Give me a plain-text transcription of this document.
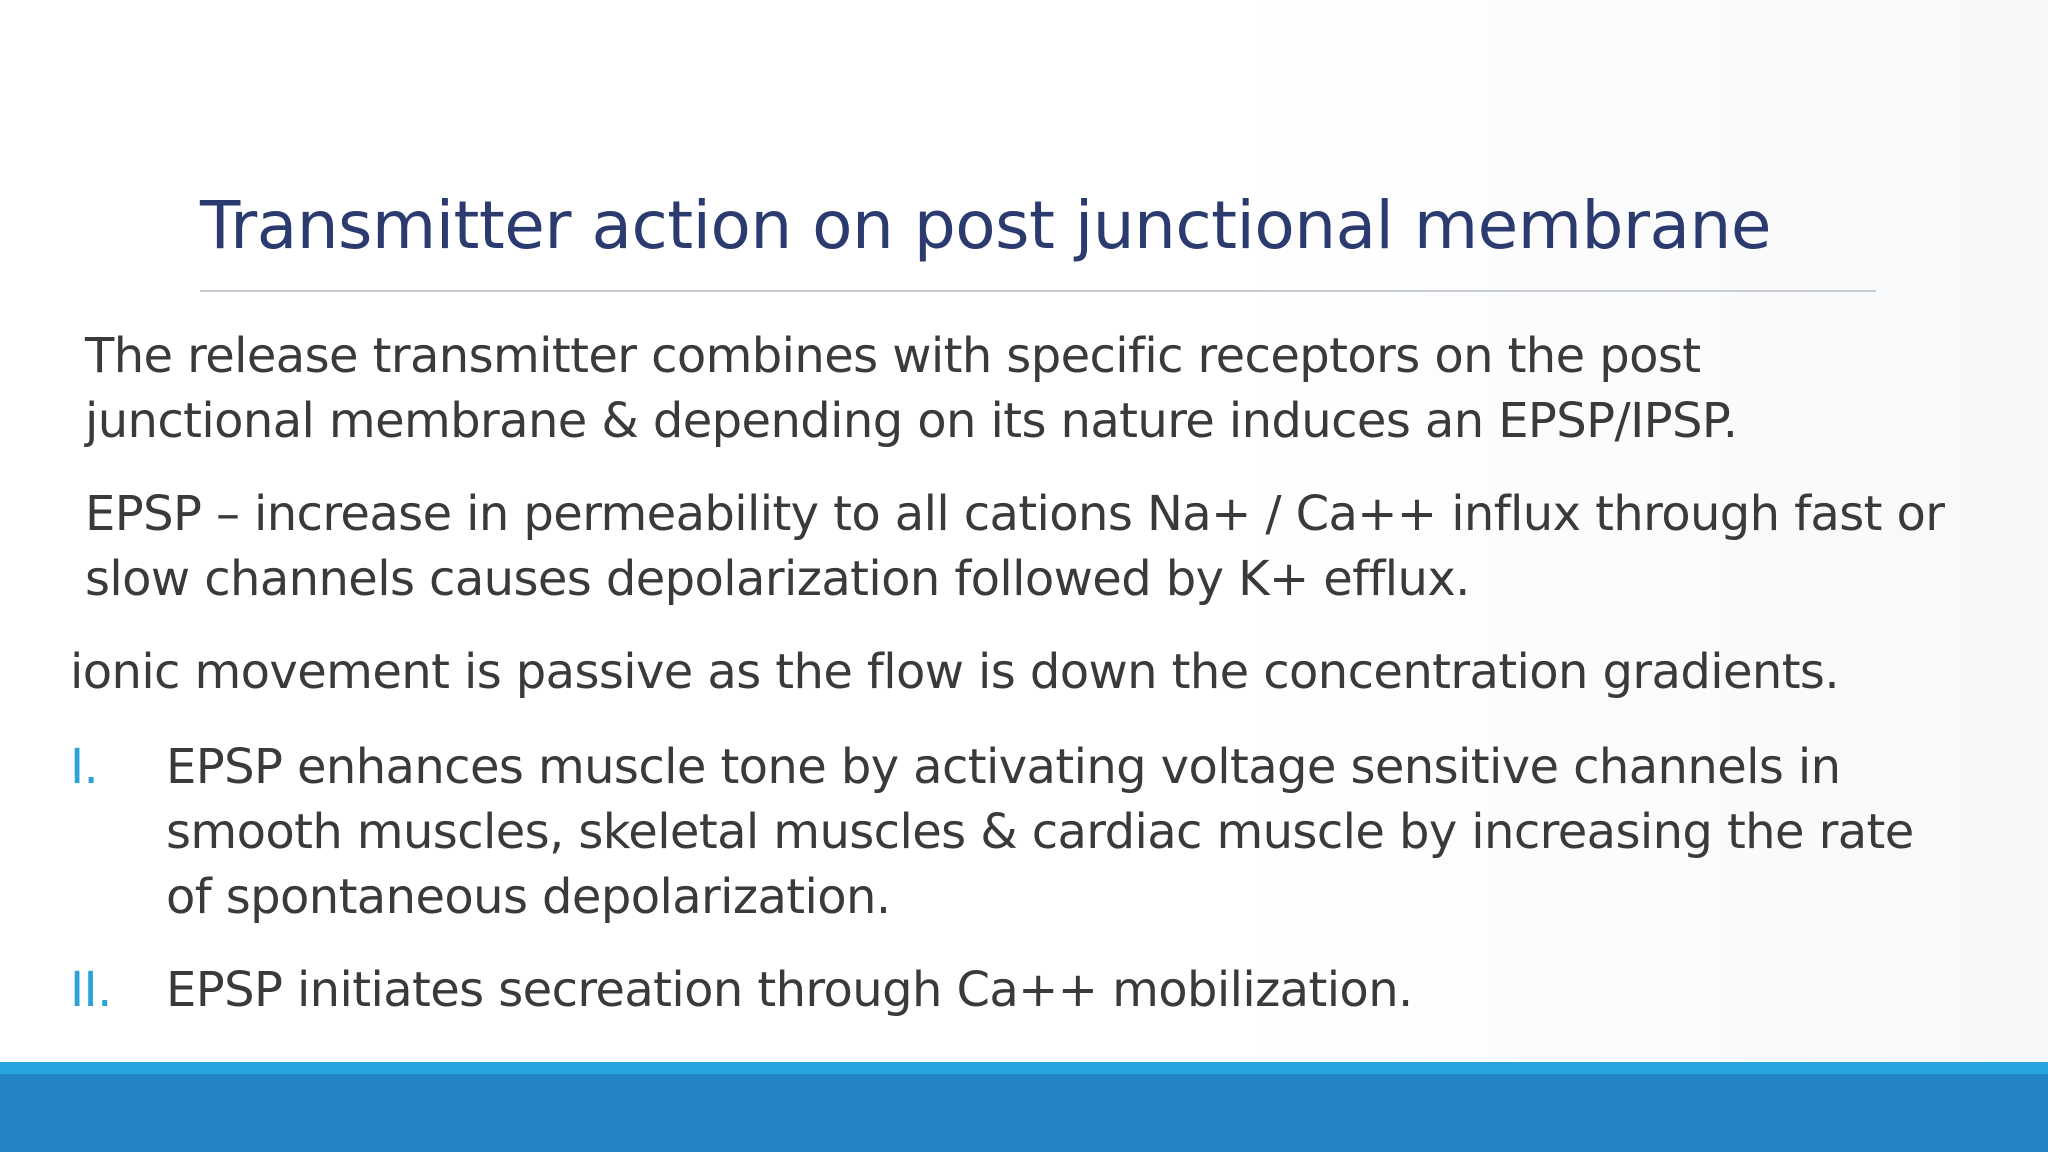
Transmitter action on post junctional membrane
The release transmitter combines with specific receptors on the post
junctional membrane & depending on its nature induces an EPSP/IPSP.
EPSP – increase in permeability to all cations Na+ / Ca++ influx through fast or
slow channels causes depolarization followed by K+ efflux.
ionic movement is passive as the flow is down the concentration gradients.
I. EPSP enhances muscle tone by activating voltage sensitive channels in
smooth muscles, skeletal muscles & cardiac muscle by increasing the rate
of spontaneous depolarization.
II. EPSP initiates secreation through Ca++ mobilization.
